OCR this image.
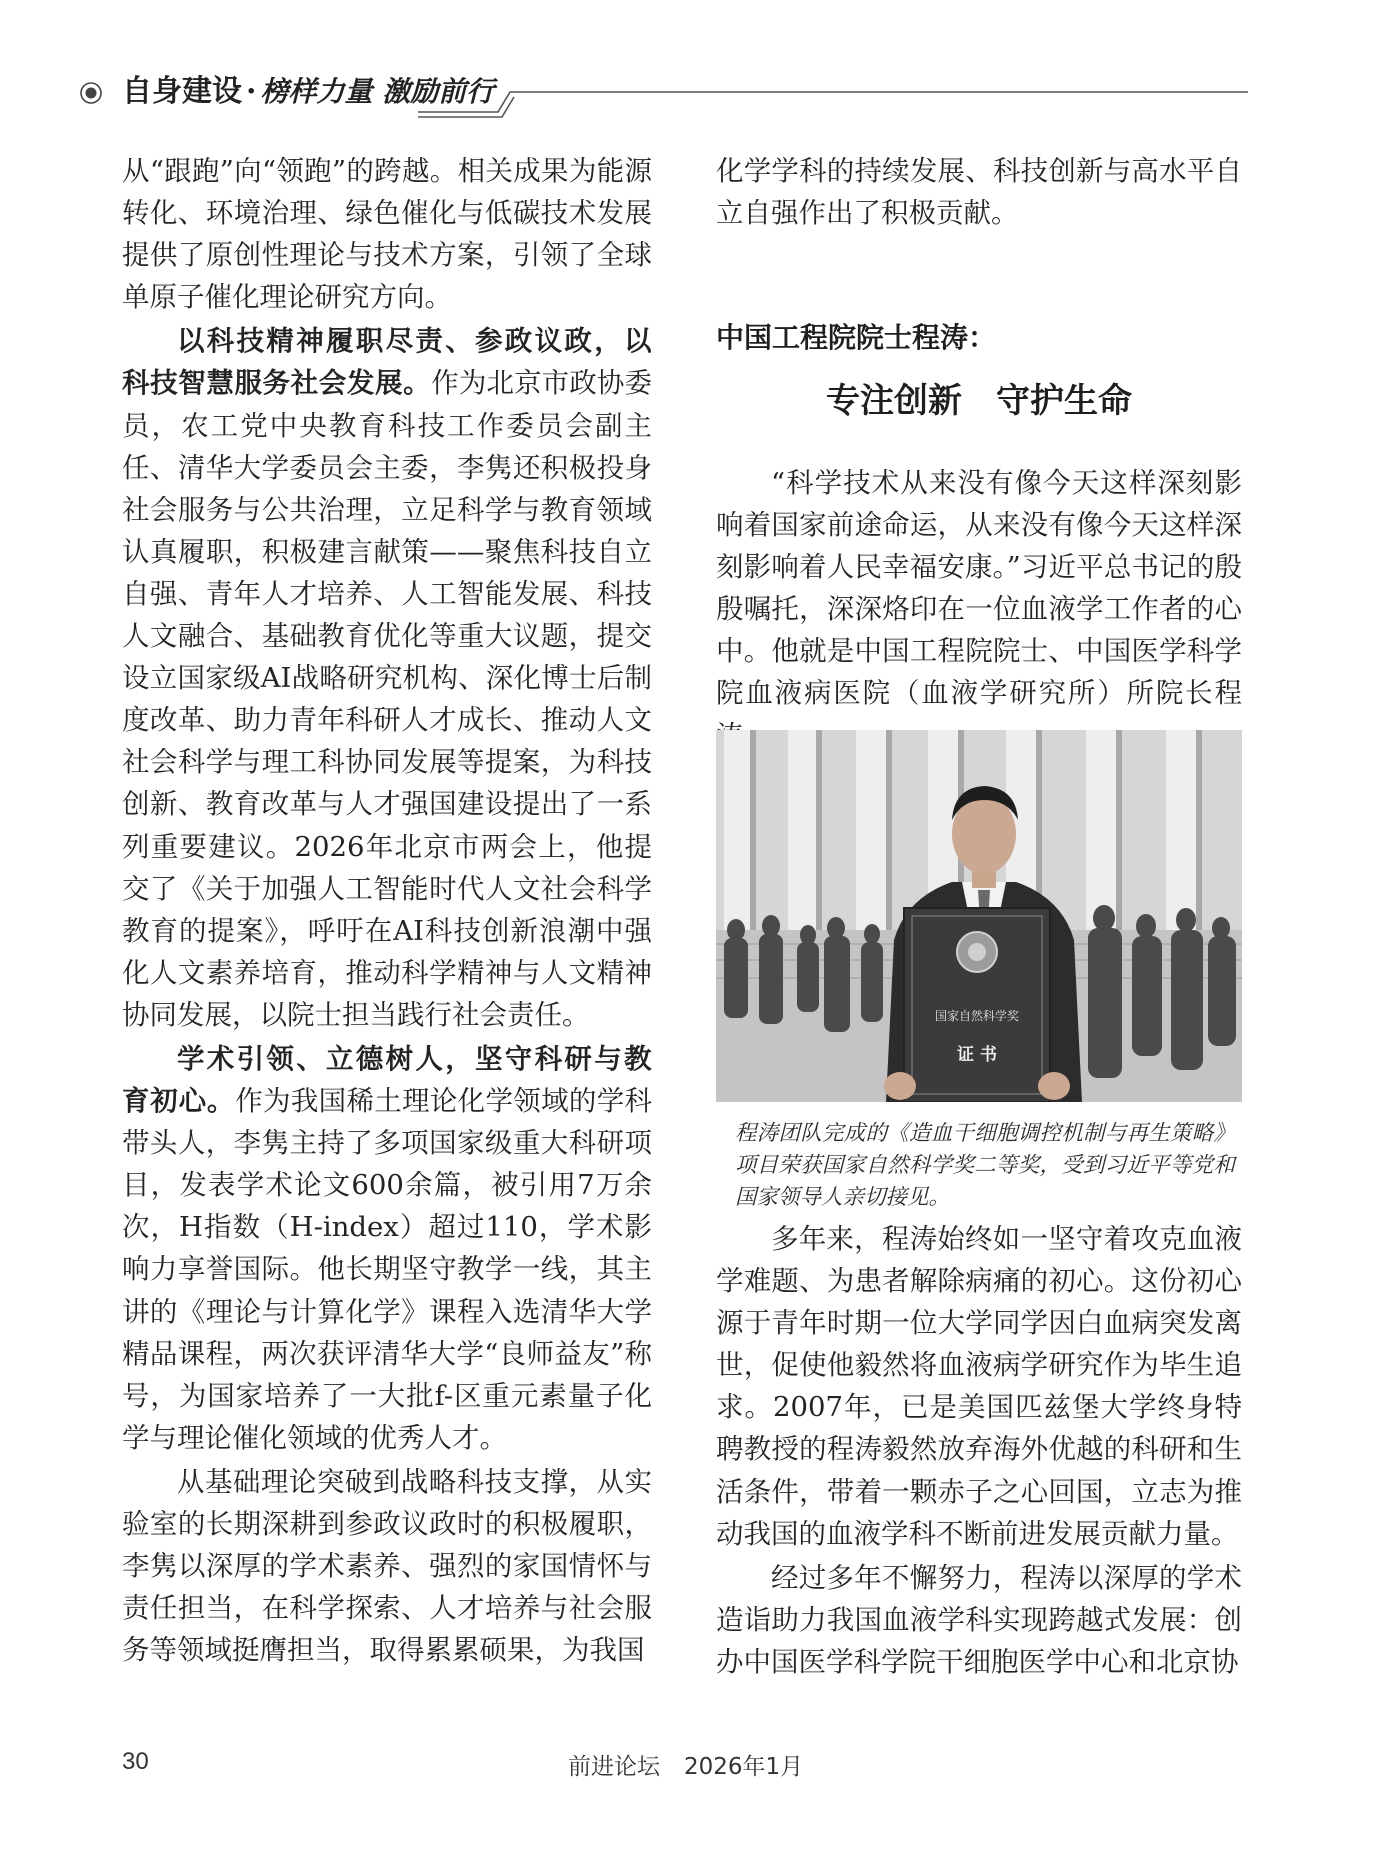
自身建设 · 榜样力量 激励前行

从“跟跑”向“领跑”的跨越。相关成果为能源转化、环境治理、绿色催化与低碳技术发展提供了原创性理论与技术方案，引领了全球单原子催化理论研究方向。

以科技精神履职尽责、参政议政，以科技智慧服务社会发展。作为北京市政协委员，农工党中央教育科技工作委员会副主任、清华大学委员会主委，李隽还积极投身社会服务与公共治理，立足科学与教育领域认真履职，积极建言献策——聚焦科技自立自强、青年人才培养、人工智能发展、科技人文融合、基础教育优化等重大议题，提交设立国家级AI战略研究机构、深化博士后制度改革、助力青年科研人才成长、推动人文社会科学与理工科协同发展等提案，为科技创新、教育改革与人才强国建设提出了一系列重要建议。2026年北京市两会上，他提交了《关于加强人工智能时代人文社会科学教育的提案》，呼吁在AI科技创新浪潮中强化人文素养培育，推动科学精神与人文精神协同发展，以院士担当践行社会责任。

学术引领、立德树人，坚守科研与教育初心。作为我国稀土理论化学领域的学科带头人，李隽主持了多项国家级重大科研项目，发表学术论文600余篇，被引用7万余次，H指数（H-index）超过110，学术影响力享誉国际。他长期坚守教学一线，其主讲的《理论与计算化学》课程入选清华大学精品课程，两次获评清华大学“良师益友”称号，为国家培养了一大批f-区重元素量子化学与理论催化领域的优秀人才。

从基础理论突破到战略科技支撑，从实验室的长期深耕到参政议政时的积极履职，李隽以深厚的学术素养、强烈的家国情怀与责任担当，在科学探索、人才培养与社会服务等领域挺膺担当，取得累累硕果，为我国

化学学科的持续发展、科技创新与高水平自立自强作出了积极贡献。

中国工程院院士程涛：
专注创新　守护生命

“科学技术从来没有像今天这样深刻影响着国家前途命运，从来没有像今天这样深刻影响着人民幸福安康。”习近平总书记的殷殷嘱托，深深烙印在一位血液学工作者的心中。他就是中国工程院院士、中国医学科学院血液病医院（血液学研究所）所院长程

国家自然科学奖
证 书

程涛团队完成的《造血干细胞调控机制与再生策略》项目荣获国家自然科学奖二等奖，受到习近平等党和国家领导人亲切接见。

多年来，程涛始终如一坚守着攻克血液学难题、为患者解除病痛的初心。这份初心源于青年时期一位大学同学因白血病突发离世，促使他毅然将血液病学研究作为毕生追求。2007年，已是美国匹兹堡大学终身特聘教授的程涛毅然放弃海外优越的科研和生活条件，带着一颗赤子之心回国，立志为推动我国的血液学科不断前进发展贡献力量。

经过多年不懈努力，程涛以深厚的学术造诣助力我国血液学科实现跨越式发展：创办中国医学科学院干细胞医学中心和北京协

30	前进论坛 2026年1月
